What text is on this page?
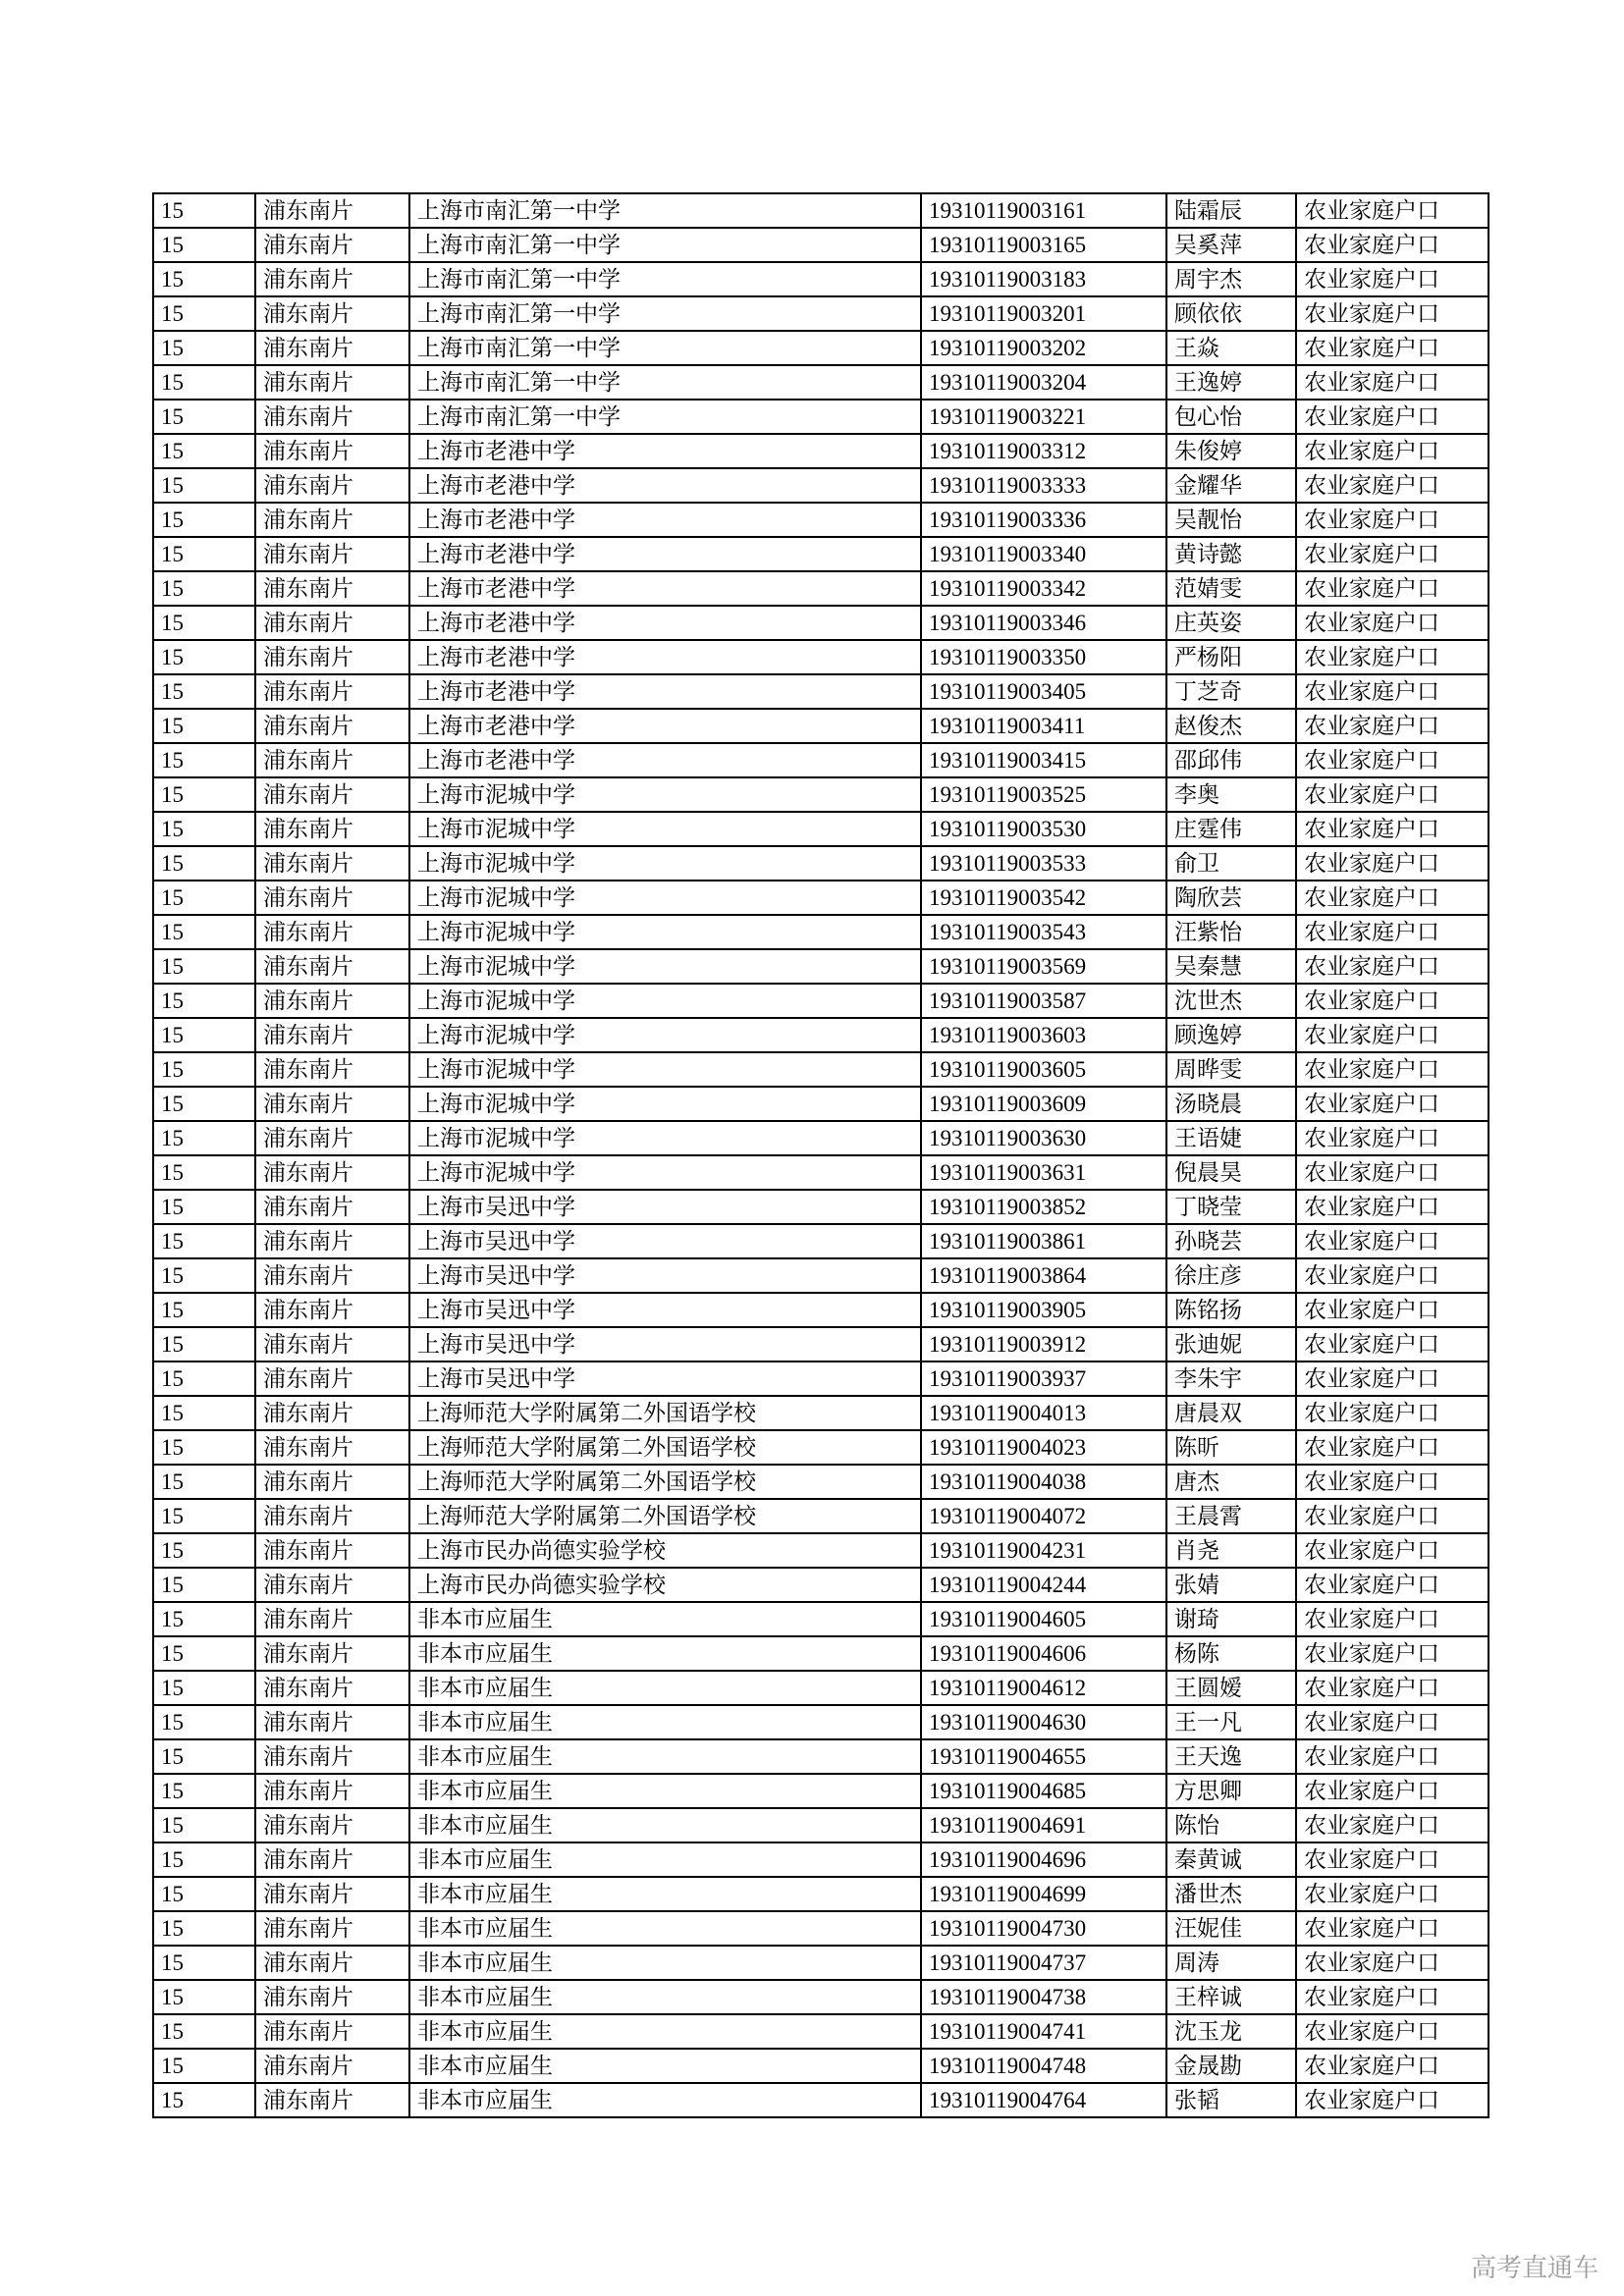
15	浦东南片	上海市南汇第一中学	19310119003161	陆霜辰	农业家庭户口
15	浦东南片	上海市南汇第一中学	19310119003165	吴奚萍	农业家庭户口
15	浦东南片	上海市南汇第一中学	19310119003183	周宇杰	农业家庭户口
15	浦东南片	上海市南汇第一中学	19310119003201	顾依依	农业家庭户口
15	浦东南片	上海市南汇第一中学	19310119003202	王焱	农业家庭户口
15	浦东南片	上海市南汇第一中学	19310119003204	王逸婷	农业家庭户口
15	浦东南片	上海市南汇第一中学	19310119003221	包心怡	农业家庭户口
15	浦东南片	上海市老港中学	19310119003312	朱俊婷	农业家庭户口
15	浦东南片	上海市老港中学	19310119003333	金耀华	农业家庭户口
15	浦东南片	上海市老港中学	19310119003336	吴靓怡	农业家庭户口
15	浦东南片	上海市老港中学	19310119003340	黄诗懿	农业家庭户口
15	浦东南片	上海市老港中学	19310119003342	范婧雯	农业家庭户口
15	浦东南片	上海市老港中学	19310119003346	庄英姿	农业家庭户口
15	浦东南片	上海市老港中学	19310119003350	严杨阳	农业家庭户口
15	浦东南片	上海市老港中学	19310119003405	丁芝奇	农业家庭户口
15	浦东南片	上海市老港中学	19310119003411	赵俊杰	农业家庭户口
15	浦东南片	上海市老港中学	19310119003415	邵邱伟	农业家庭户口
15	浦东南片	上海市泥城中学	19310119003525	李奥	农业家庭户口
15	浦东南片	上海市泥城中学	19310119003530	庄霆伟	农业家庭户口
15	浦东南片	上海市泥城中学	19310119003533	俞卫	农业家庭户口
15	浦东南片	上海市泥城中学	19310119003542	陶欣芸	农业家庭户口
15	浦东南片	上海市泥城中学	19310119003543	汪紫怡	农业家庭户口
15	浦东南片	上海市泥城中学	19310119003569	吴秦慧	农业家庭户口
15	浦东南片	上海市泥城中学	19310119003587	沈世杰	农业家庭户口
15	浦东南片	上海市泥城中学	19310119003603	顾逸婷	农业家庭户口
15	浦东南片	上海市泥城中学	19310119003605	周晔雯	农业家庭户口
15	浦东南片	上海市泥城中学	19310119003609	汤晓晨	农业家庭户口
15	浦东南片	上海市泥城中学	19310119003630	王语婕	农业家庭户口
15	浦东南片	上海市泥城中学	19310119003631	倪晨昊	农业家庭户口
15	浦东南片	上海市吴迅中学	19310119003852	丁晓莹	农业家庭户口
15	浦东南片	上海市吴迅中学	19310119003861	孙晓芸	农业家庭户口
15	浦东南片	上海市吴迅中学	19310119003864	徐庄彦	农业家庭户口
15	浦东南片	上海市吴迅中学	19310119003905	陈铭扬	农业家庭户口
15	浦东南片	上海市吴迅中学	19310119003912	张迪妮	农业家庭户口
15	浦东南片	上海市吴迅中学	19310119003937	李朱宇	农业家庭户口
15	浦东南片	上海师范大学附属第二外国语学校	19310119004013	唐晨双	农业家庭户口
15	浦东南片	上海师范大学附属第二外国语学校	19310119004023	陈昕	农业家庭户口
15	浦东南片	上海师范大学附属第二外国语学校	19310119004038	唐杰	农业家庭户口
15	浦东南片	上海师范大学附属第二外国语学校	19310119004072	王晨霄	农业家庭户口
15	浦东南片	上海市民办尚德实验学校	19310119004231	肖尧	农业家庭户口
15	浦东南片	上海市民办尚德实验学校	19310119004244	张婧	农业家庭户口
15	浦东南片	非本市应届生	19310119004605	谢琦	农业家庭户口
15	浦东南片	非本市应届生	19310119004606	杨陈	农业家庭户口
15	浦东南片	非本市应届生	19310119004612	王圆嫒	农业家庭户口
15	浦东南片	非本市应届生	19310119004630	王一凡	农业家庭户口
15	浦东南片	非本市应届生	19310119004655	王天逸	农业家庭户口
15	浦东南片	非本市应届生	19310119004685	方思卿	农业家庭户口
15	浦东南片	非本市应届生	19310119004691	陈怡	农业家庭户口
15	浦东南片	非本市应届生	19310119004696	秦黄诚	农业家庭户口
15	浦东南片	非本市应届生	19310119004699	潘世杰	农业家庭户口
15	浦东南片	非本市应届生	19310119004730	汪妮佳	农业家庭户口
15	浦东南片	非本市应届生	19310119004737	周涛	农业家庭户口
15	浦东南片	非本市应届生	19310119004738	王梓诚	农业家庭户口
15	浦东南片	非本市应届生	19310119004741	沈玉龙	农业家庭户口
15	浦东南片	非本市应届生	19310119004748	金晟勘	农业家庭户口
15	浦东南片	非本市应届生	19310119004764	张韬	农业家庭户口
高考直通车
